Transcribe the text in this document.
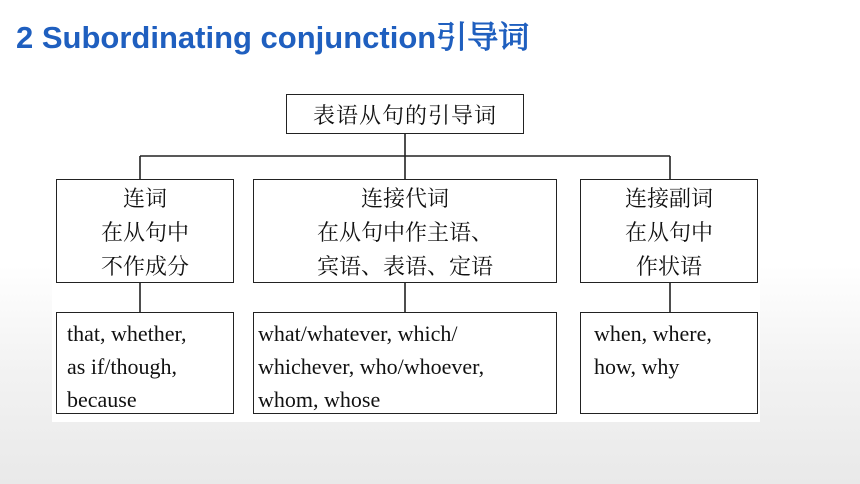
2 Subordinating conjunction引导词
表语从句的引导词
连词
在从句中
不作成分
连接代词
在从句中作主语、
宾语、表语、定语
连接副词
在从句中
作状语
that, whether,
as if/though,
because
what/whatever, which/
whichever, who/whoever,
whom, whose
when, where,
how, why
